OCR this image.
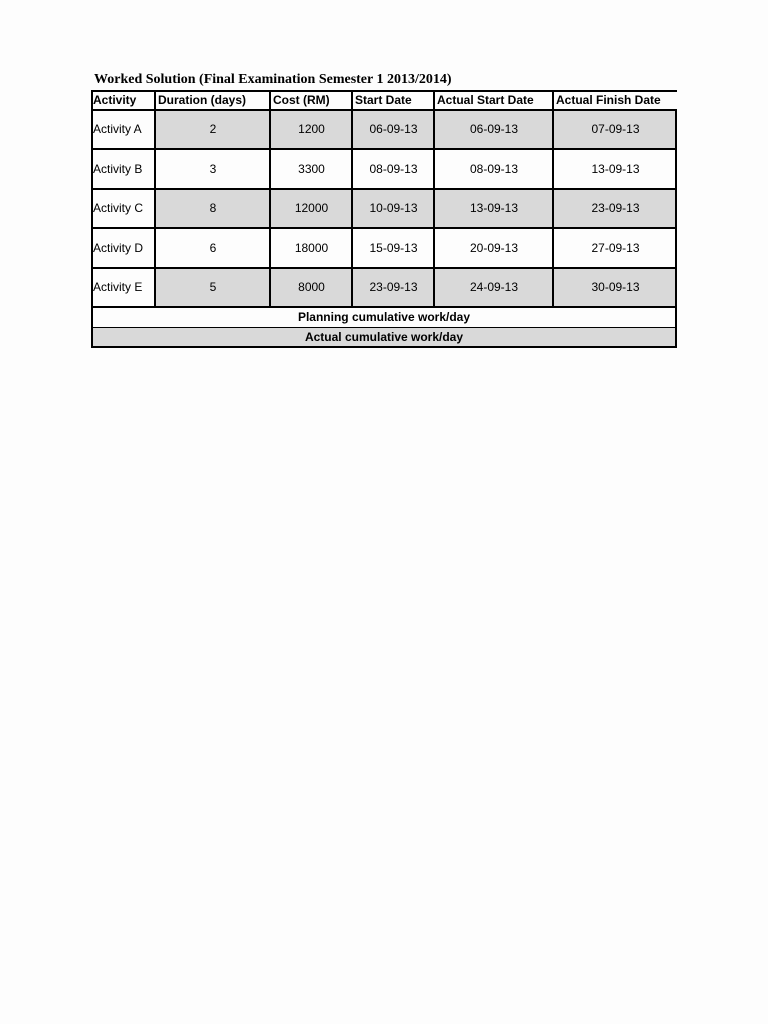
Worked Solution (Final Examination Semester 1 2013/2014)
Activity	Duration (days)	Cost (RM)	Start Date	Actual Start Date	Actual Finish Date
Activity A	2	1200	06-09-13	06-09-13	07-09-13
Activity B	3	3300	08-09-13	08-09-13	13-09-13
Activity C	8	12000	10-09-13	13-09-13	23-09-13
Activity D	6	18000	15-09-13	20-09-13	27-09-13
Activity E	5	8000	23-09-13	24-09-13	30-09-13
Planning cumulative work/day
Actual cumulative work/day
